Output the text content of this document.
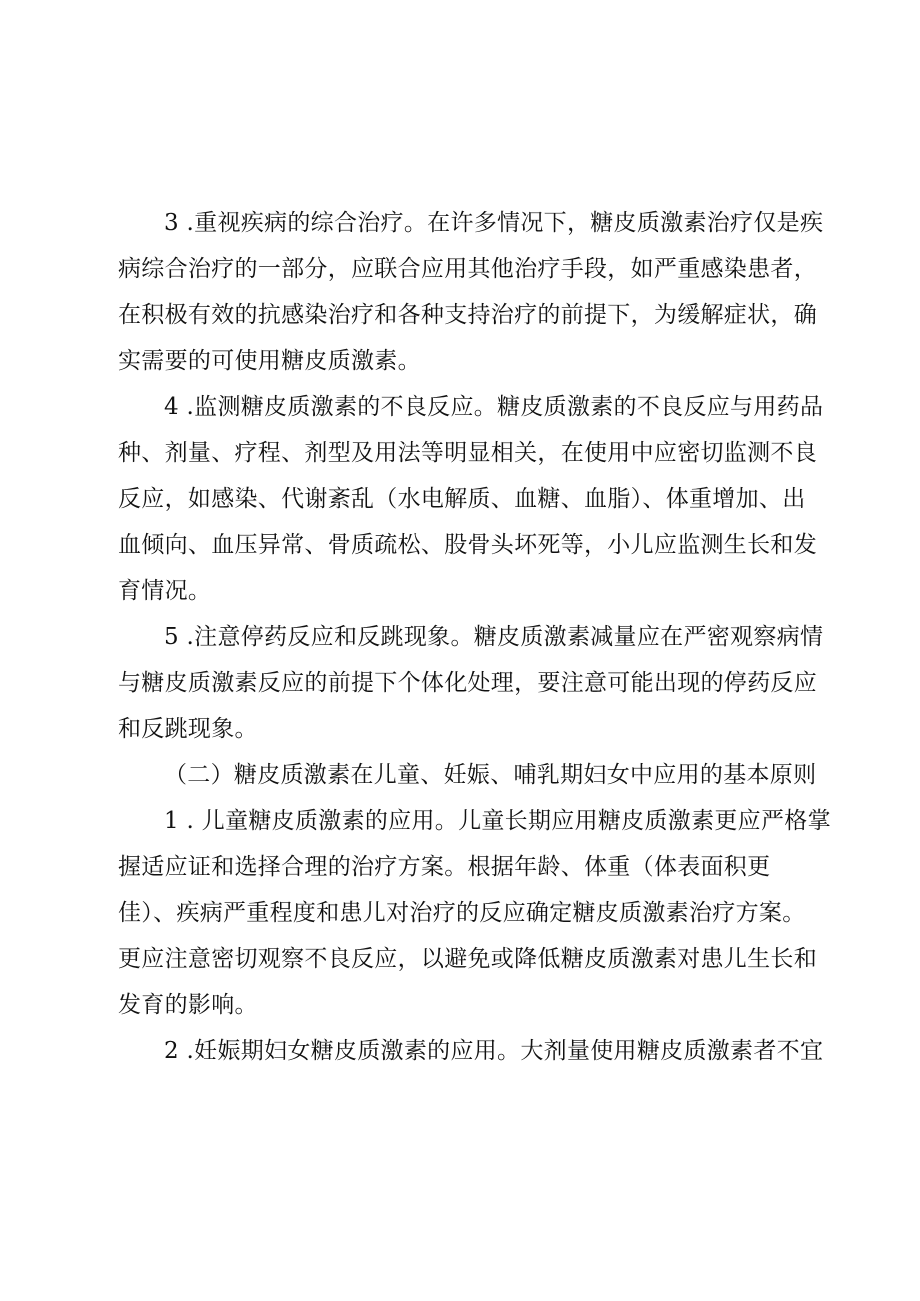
3 .重视疾病的综合治疗。在许多情况下，糖皮质激素治疗仅是疾
病综合治疗的一部分，应联合应用其他治疗手段，如严重感染患者，
在积极有效的抗感染治疗和各种支持治疗的前提下，为缓解症状，确
实需要的可使用糖皮质激素。
4 .监测糖皮质激素的不良反应。糖皮质激素的不良反应与用药品
种、剂量、疗程、剂型及用法等明显相关，在使用中应密切监测不良
反应，如感染、代谢紊乱（水电解质、血糖、血脂）、体重增加、出
血倾向、血压异常、骨质疏松、股骨头坏死等，小儿应监测生长和发
育情况。
5 .注意停药反应和反跳现象。糖皮质激素减量应在严密观察病情
与糖皮质激素反应的前提下个体化处理，要注意可能出现的停药反应
和反跳现象。
（二）糖皮质激素在儿童、妊娠、哺乳期妇女中应用的基本原则
1 . 儿童糖皮质激素的应用。儿童长期应用糖皮质激素更应严格掌
握适应证和选择合理的治疗方案。根据年龄、体重（体表面积更
佳）、疾病严重程度和患儿对治疗的反应确定糖皮质激素治疗方案。
更应注意密切观察不良反应，以避免或降低糖皮质激素对患儿生长和
发育的影响。
2 .妊娠期妇女糖皮质激素的应用。大剂量使用糖皮质激素者不宜
